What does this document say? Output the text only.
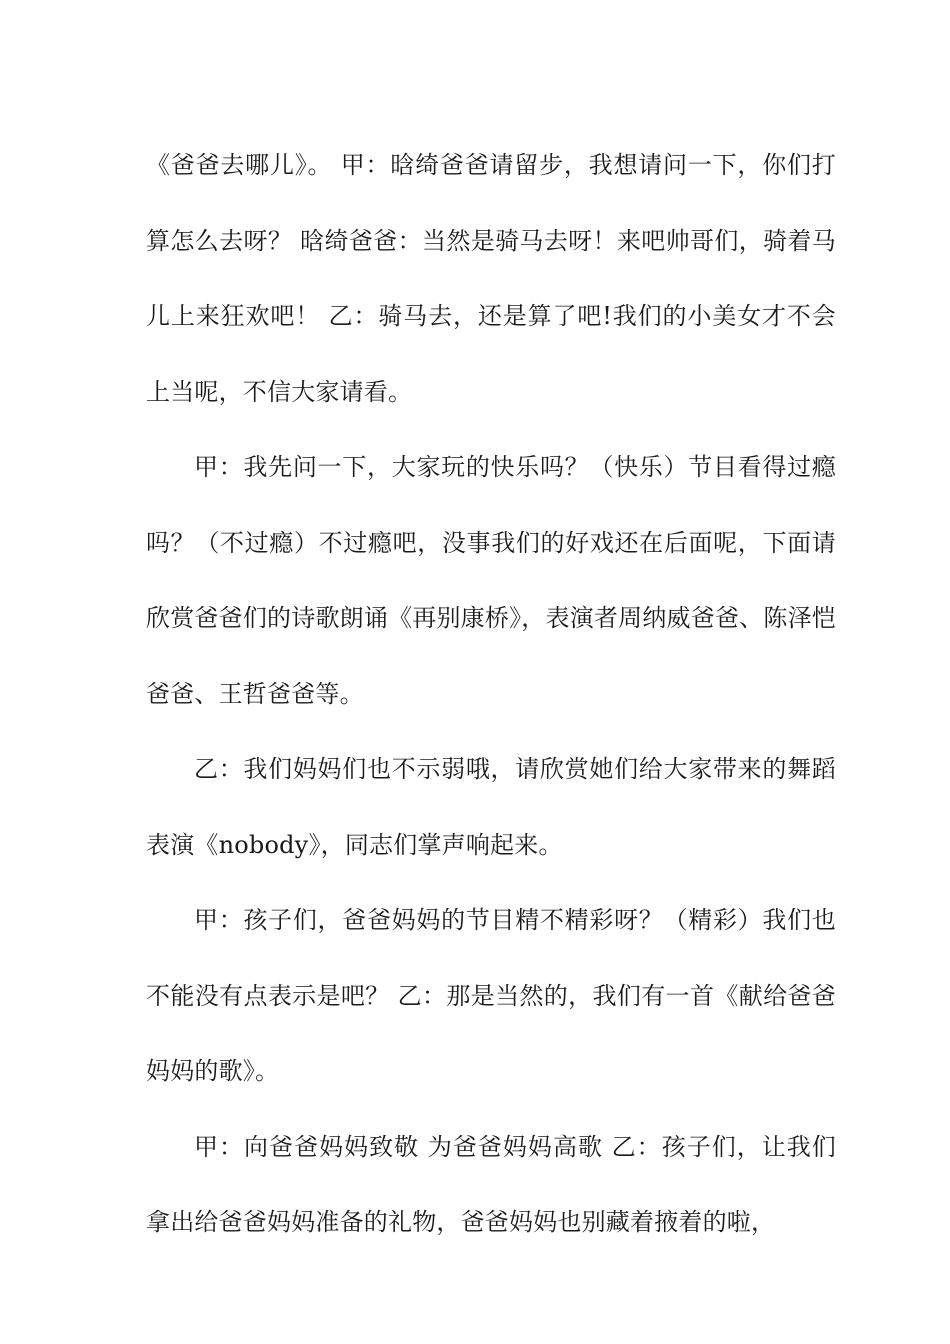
《爸爸去哪儿》。 甲：晗绮爸爸请留步，我想请问一下，你们打算怎么去呀？ 晗绮爸爸：当然是骑马去呀！来吧帅哥们，骑着马儿上来狂欢吧！ 乙：骑马去，还是算了吧!我们的小美女才不会上当呢，不信大家请看。

甲：我先问一下，大家玩的快乐吗？（快乐）节目看得过瘾吗？（不过瘾）不过瘾吧，没事我们的好戏还在后面呢，下面请欣赏爸爸们的诗歌朗诵《再别康桥》，表演者周纳威爸爸、陈泽恺爸爸、王哲爸爸等。

乙：我们妈妈们也不示弱哦，请欣赏她们给大家带来的舞蹈表演《nobody》，同志们掌声响起来。

甲：孩子们，爸爸妈妈的节目精不精彩呀？（精彩）我们也不能没有点表示是吧？ 乙：那是当然的，我们有一首《献给爸爸妈妈的歌》。

甲：向爸爸妈妈致敬 为爸爸妈妈高歌 乙：孩子们，让我们拿出给爸爸妈妈准备的礼物，爸爸妈妈也别藏着掖着的啦，
